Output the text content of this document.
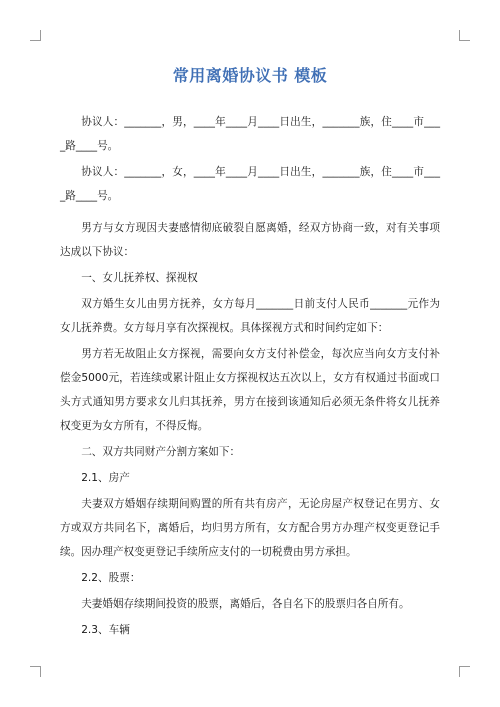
常用离婚协议书 模板

协议人：_______，男，____年____月____日出生，_______族，住____市____路____号。

协议人：_______，女，____年____月____日出生，_______族，住____市____路____号。

男方与女方现因夫妻感情彻底破裂自愿离婚，经双方协商一致，对有关事项达成以下协议：

一、女儿抚养权、探视权

双方婚生女儿由男方抚养，女方每月_______日前支付人民币_______元作为女儿抚养费。女方每月享有次探视权。具体探视方式和时间约定如下：

男方若无故阻止女方探视，需要向女方支付补偿金，每次应当向女方支付补偿金5000元，若连续或累计阻止女方探视权达五次以上，女方有权通过书面或口头方式通知男方要求女儿归其抚养，男方在接到该通知后必须无条件将女儿抚养权变更为女方所有，不得反悔。

二、双方共同财产分割方案如下：

2.1、房产

夫妻双方婚姻存续期间购置的所有共有房产，无论房屋产权登记在男方、女方或双方共同名下，离婚后，均归男方所有，女方配合男方办理产权变更登记手续。因办理产权变更登记手续所应支付的一切税费由男方承担。

2.2、股票：

夫妻婚姻存续期间投资的股票，离婚后，各自名下的股票归各自所有。

2.3、车辆
